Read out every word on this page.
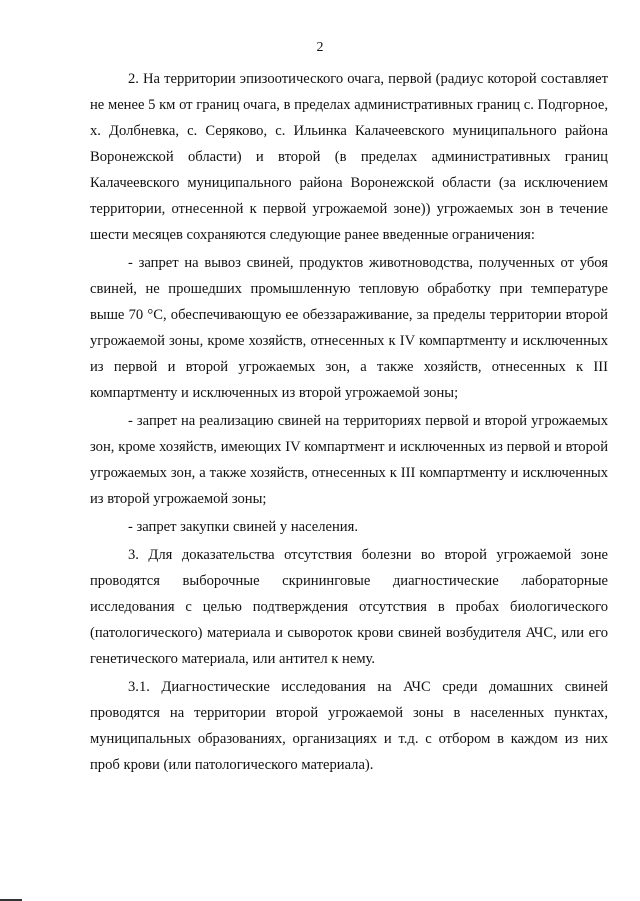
2

2. На территории эпизоотического очага, первой (радиус которой составляет не менее 5 км от границ очага, в пределах административных границ с. Подгорное, х. Долбневка, с. Серяково, с. Ильинка Калачеевского муниципального района Воронежской области) и второй (в пределах административных границ Калачеевского муниципального района Воронежской области (за исключением территории, отнесенной к первой угрожаемой зоне)) угрожаемых зон в течение шести месяцев сохраняются следующие ранее введенные ограничения:

- запрет на вывоз свиней, продуктов животноводства, полученных от убоя свиней, не прошедших промышленную тепловую обработку при температуре выше 70 °С, обеспечивающую ее обеззараживание, за пределы территории второй угрожаемой зоны, кроме хозяйств, отнесенных к IV компартменту и исключенных из первой и второй угрожаемых зон, а также хозяйств, отнесенных к III компартменту и исключенных из второй угрожаемой зоны;

- запрет на реализацию свиней на территориях первой и второй угрожаемых зон, кроме хозяйств, имеющих IV компартмент и исключенных из первой и второй угрожаемых зон, а также хозяйств, отнесенных к III компартменту и исключенных из второй угрожаемой зоны;

- запрет закупки свиней у населения.

3. Для доказательства отсутствия болезни во второй угрожаемой зоне проводятся выборочные скрининговые диагностические лабораторные исследования с целью подтверждения отсутствия в пробах биологического (патологического) материала и сывороток крови свиней возбудителя АЧС, или его генетического материала, или антител к нему.

3.1. Диагностические исследования на АЧС среди домашних свиней проводятся на территории второй угрожаемой зоны в населенных пунктах, муниципальных образованиях, организациях и т.д. с отбором в каждом из них проб крови (или патологического материала).
